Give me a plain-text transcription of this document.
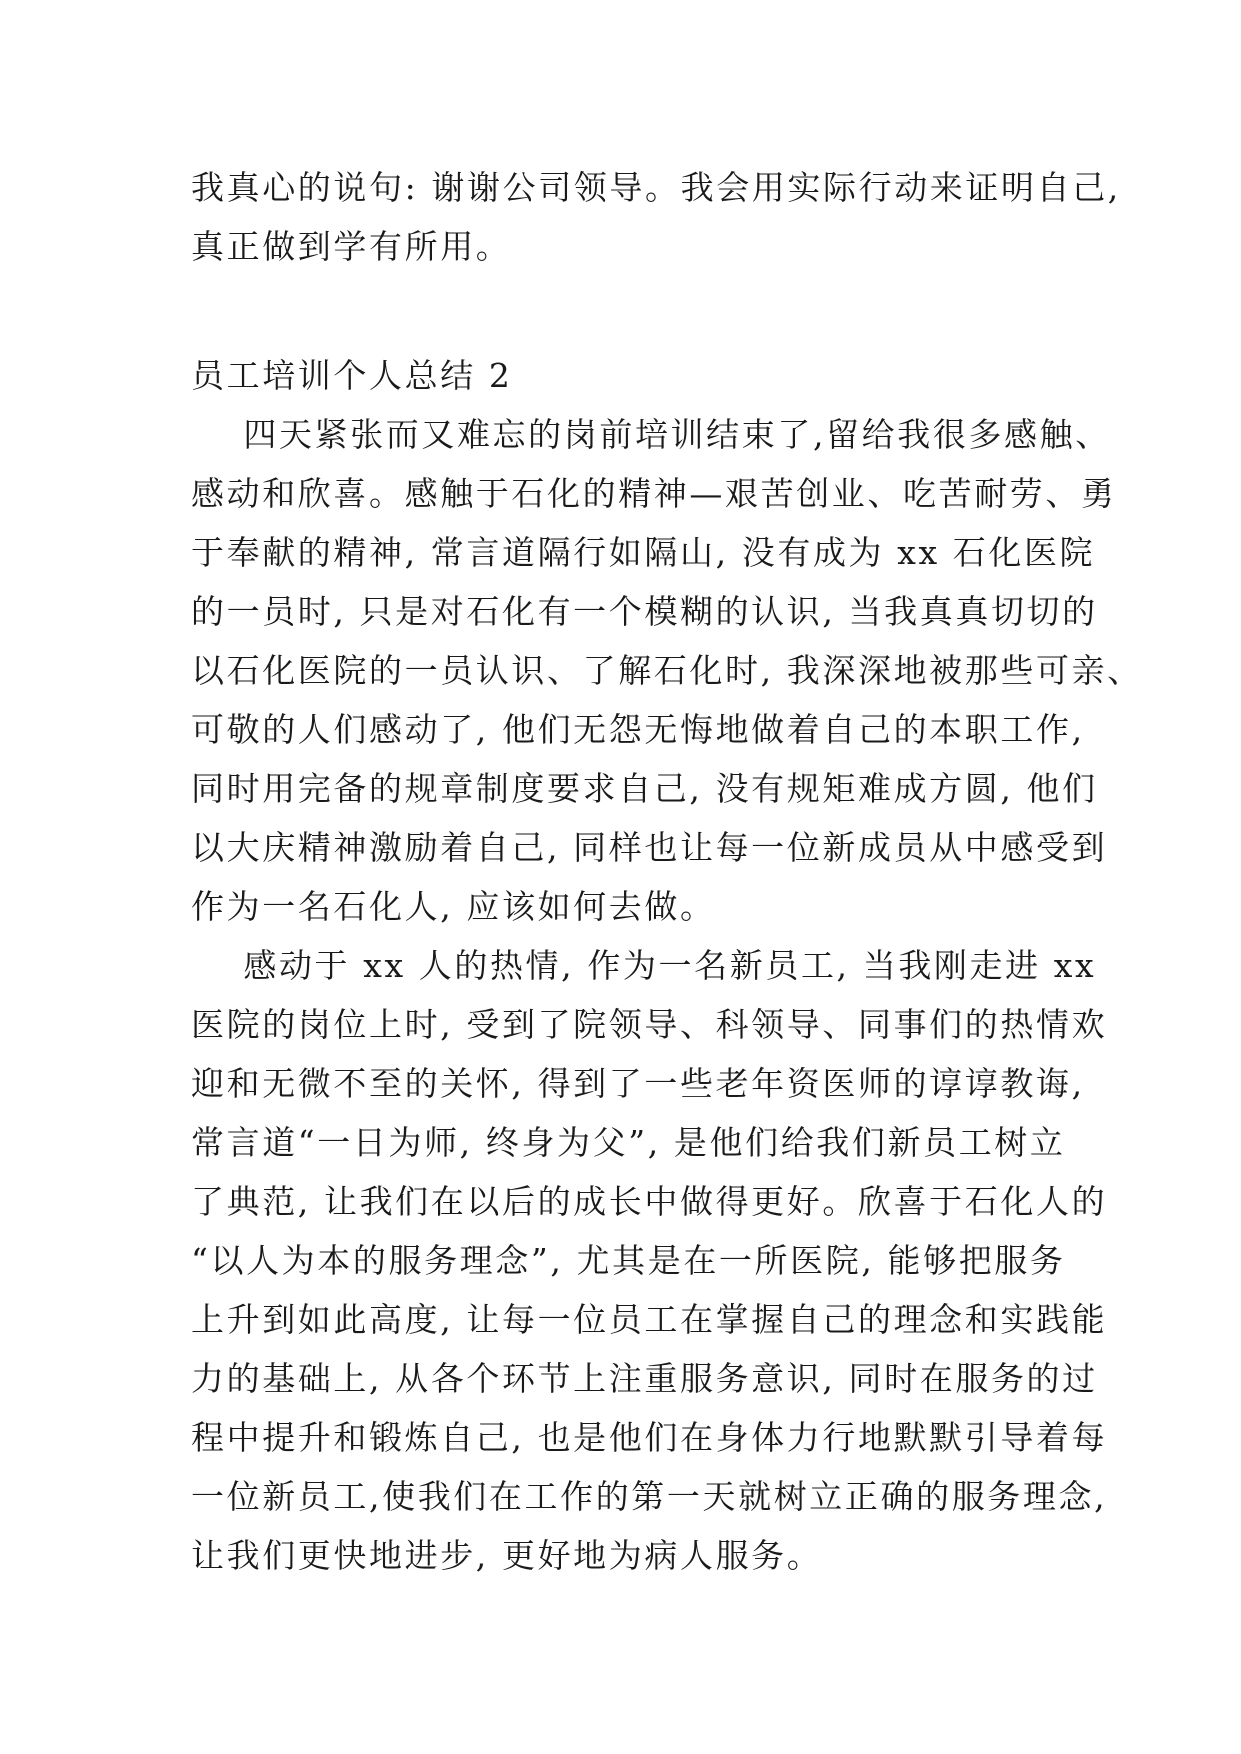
我真心的说句: 谢谢公司领导。我会用实际行动来证明自己,
真正做到学有所用。
员工培训个人总结 2
四天紧张而又难忘的岗前培训结束了,留给我很多感触、
感动和欣喜。感触于石化的精神—艰苦创业、吃苦耐劳、勇
于奉献的精神, 常言道隔行如隔山, 没有成为 xx 石化医院
的一员时, 只是对石化有一个模糊的认识, 当我真真切切的
以石化医院的一员认识、了解石化时, 我深深地被那些可亲、
可敬的人们感动了, 他们无怨无悔地做着自己的本职工作,
同时用完备的规章制度要求自己, 没有规矩难成方圆, 他们
以大庆精神激励着自己, 同样也让每一位新成员从中感受到
作为一名石化人, 应该如何去做。
感动于 xx 人的热情, 作为一名新员工, 当我刚走进 xx
医院的岗位上时, 受到了院领导、科领导、同事们的热情欢
迎和无微不至的关怀, 得到了一些老年资医师的谆谆教诲,
常言道“一日为师, 终身为父”, 是他们给我们新员工树立
了典范, 让我们在以后的成长中做得更好。欣喜于石化人的
“以人为本的服务理念”, 尤其是在一所医院, 能够把服务
上升到如此高度, 让每一位员工在掌握自己的理念和实践能
力的基础上, 从各个环节上注重服务意识, 同时在服务的过
程中提升和锻炼自己, 也是他们在身体力行地默默引导着每
一位新员工,使我们在工作的第一天就树立正确的服务理念,
让我们更快地进步, 更好地为病人服务。
